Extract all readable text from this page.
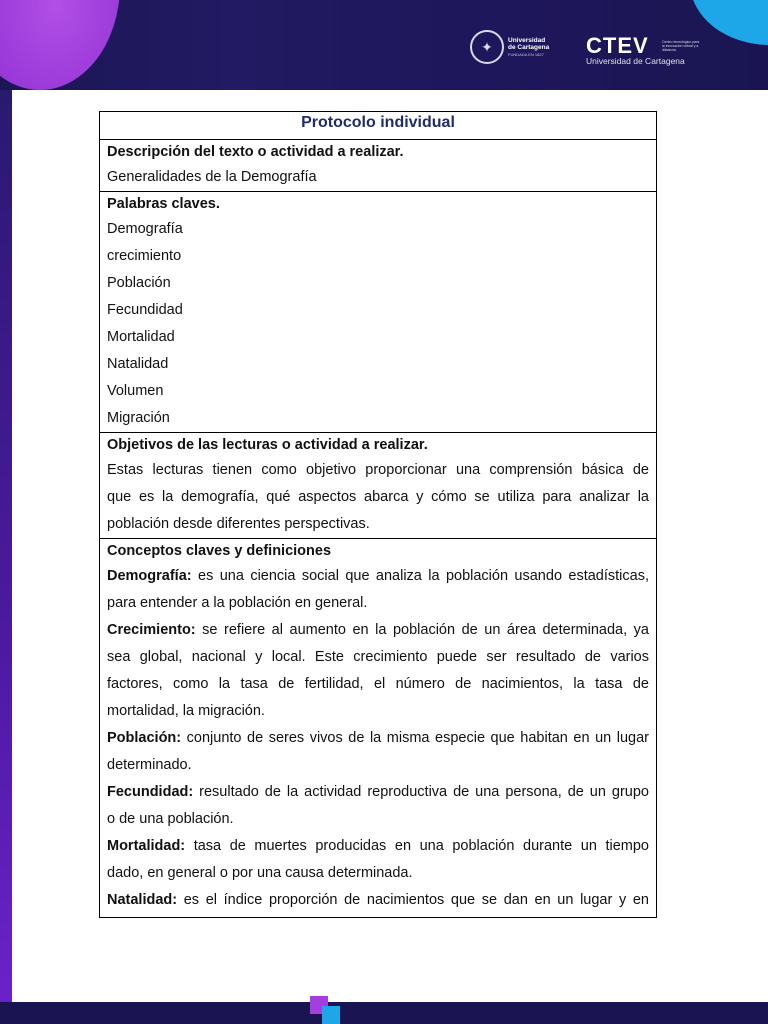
✦	Universidad
de Cartagena
FUNDADA EN 1827 CTEV	Centro tecnológico para la innovación virtual y a distancia
Universidad de Cartagena
Protocolo individual
Descripción del texto o actividad a realizar.
Generalidades de la Demografía
Palabras claves.
Demografía
crecimiento
Población
Fecundidad
Mortalidad
Natalidad
Volumen
Migración
Objetivos de las lecturas o actividad a realizar.
Estas lecturas tienen como objetivo proporcionar una comprensión básica de
que es la demografía, qué aspectos abarca y cómo se utiliza para analizar la
población desde diferentes perspectivas.
Conceptos claves y definiciones
Demografía: es una ciencia social que analiza la población usando estadísticas,
para entender a la población en general.
Crecimiento: se refiere al aumento en la población de un área determinada, ya
sea global, nacional y local. Este crecimiento puede ser resultado de varios
factores, como la tasa de fertilidad, el número de nacimientos, la tasa de
mortalidad, la migración.
Población: conjunto de seres vivos de la misma especie que habitan en un lugar
determinado.
Fecundidad: resultado de la actividad reproductiva de una persona, de un grupo
o de una población.
Mortalidad: tasa de muertes producidas en una población durante un tiempo
dado, en general o por una causa determinada.
Natalidad: es el índice proporción de nacimientos que se dan en un lugar y en
